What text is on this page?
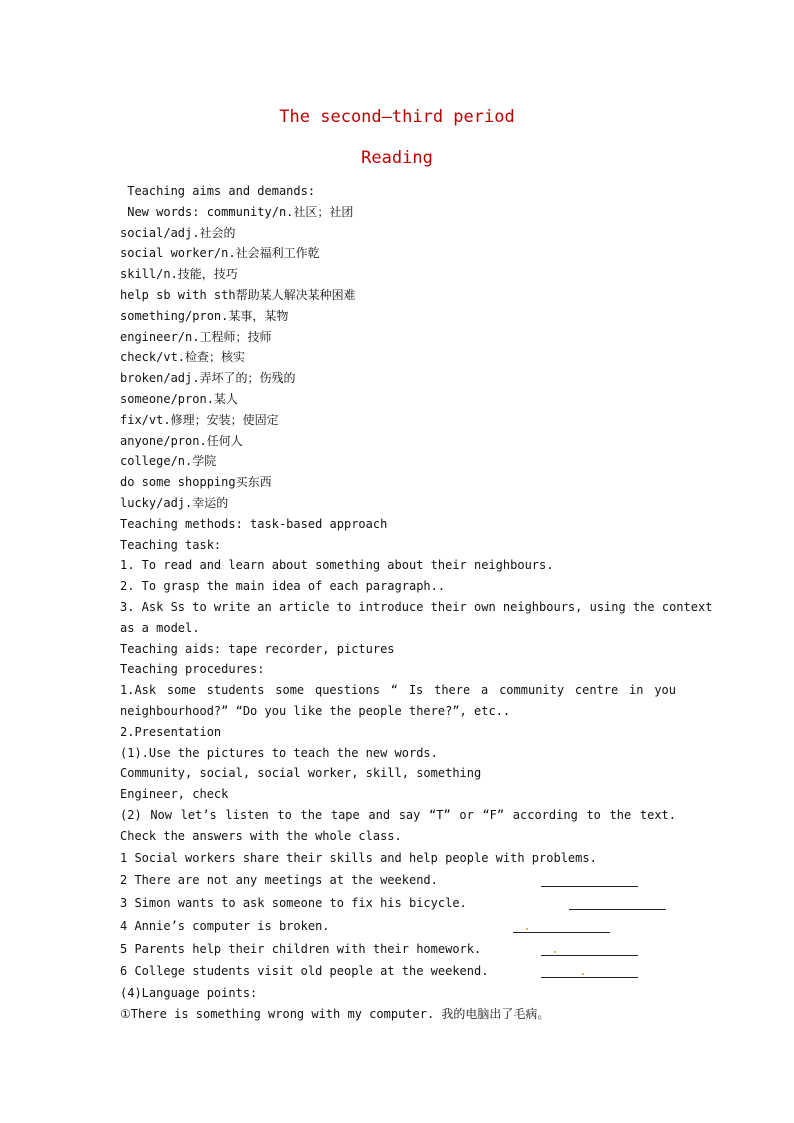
The second—third period
Reading
Teaching aims and demands:
New words: community/n.社区；社团
social/adj.社会的
social worker/n.社会福利工作乾
skill/n.技能，技巧
help sb with sth帮助某人解决某种困难
something/pron.某事，某物
engineer/n.工程师；技师
check/vt.检查；核实
broken/adj.弄坏了的；伤残的
someone/pron.某人
fix/vt.修理；安装；使固定
anyone/pron.任何人
college/n.学院
do some shopping买东西
lucky/adj.幸运的
Teaching methods: task-based approach
Teaching task:
1. To read and learn about something about their neighbours.
2. To grasp the main idea of each paragraph..
3. Ask Ss to write an article to introduce their own neighbours, using the context
as a model.
Teaching aids: tape recorder, pictures
Teaching procedures:
1.Ask some students some questions “ Is there a community centre in you
neighbourhood?” “Do you like the people there?”, etc..
2.Presentation
(1).Use the pictures to teach the new words.
Community, social, social worker, skill, something
Engineer, check
(2) Now let’s listen to the tape and say “T” or “F” according to the text.
Check the answers with the whole class.
1 Social workers share their skills and help people with problems.
2 There are not any meetings at the weekend.
3 Simon wants to ask someone to fix his bicycle.
4 Annie’s computer is broken.
5 Parents help their children with their homework.
6 College students visit old people at the weekend.
(4)Language points:
①There is something wrong with my computer. 我的电脑出了毛病。
